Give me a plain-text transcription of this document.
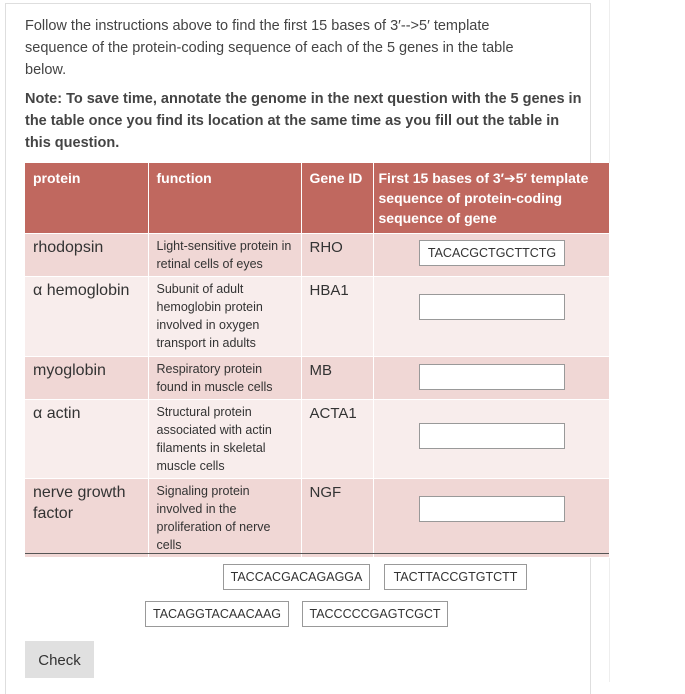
Follow the instructions above to find the first 15 bases of 3′-->5′ template sequence of the protein-coding sequence of each of the 5 genes in the table below.
Note: To save time, annotate the genome in the next question with the 5 genes in the table once you find its location at the same time as you fill out the table in this question.
protein	function	Gene ID	First 15 bases of 3′➔5′ template sequence of protein-coding sequence of gene
rhodopsin	Light-sensitive protein in retinal cells of eyes	RHO	TACACGCTGCTTCTG
α hemoglobin	Subunit of adult hemoglobin protein involved in oxygen transport in adults	HBA1	
myoglobin	Respiratory protein found in muscle cells	MB	
α actin	Structural protein associated with actin filaments in skeletal muscle cells	ACTA1	
nerve growth factor	Signaling protein involved in the proliferation of nerve cells	NGF	
TACCACGACAGAGGA	TACTTACCGTGTCTT
TACAGGTACAACAAG	TACCCCCGAGTCGCT
Check
